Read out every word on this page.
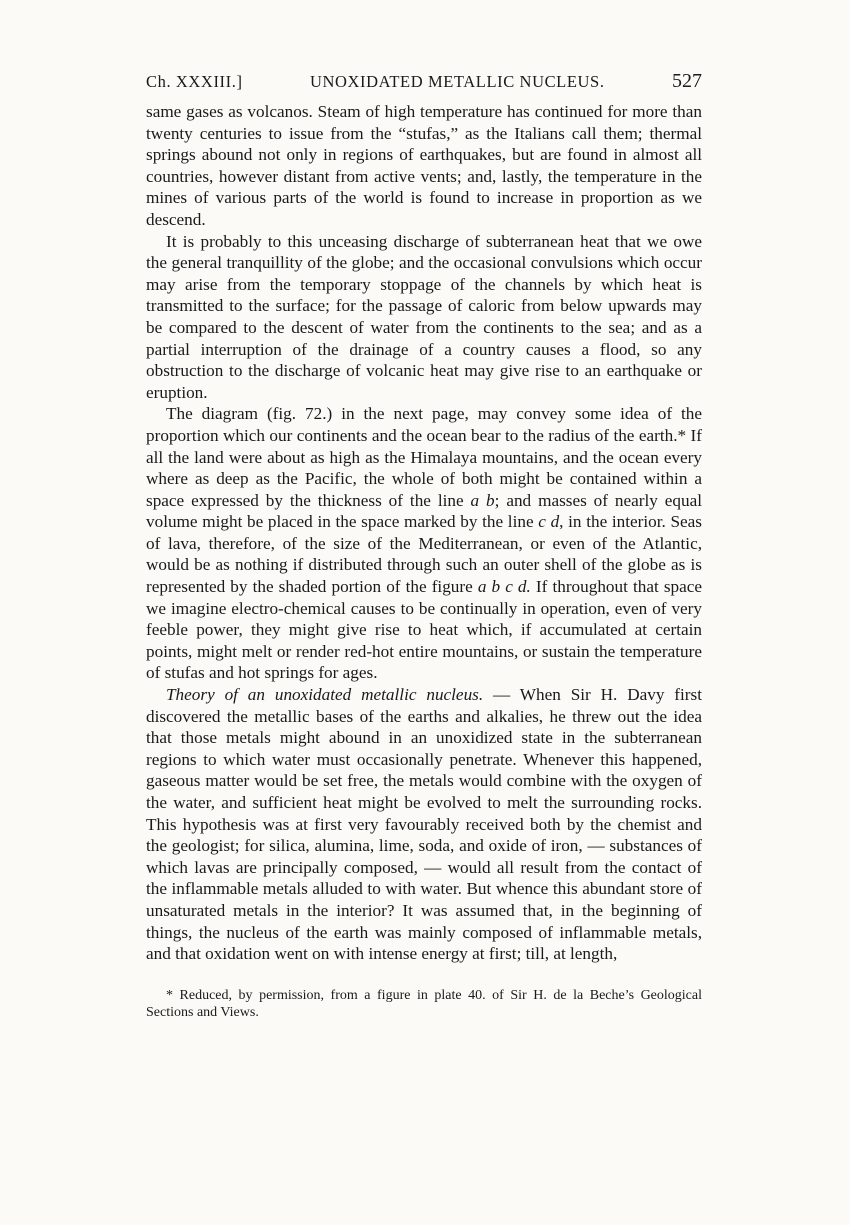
Ch. XXXIII.]	UNOXIDATED METALLIC NUCLEUS.	527

same gases as volcanos. Steam of high temperature has continued for more than twenty centuries to issue from the “stufas,” as the Italians call them; thermal springs abound not only in regions of earthquakes, but are found in almost all countries, however distant from active vents; and, lastly, the temperature in the mines of various parts of the world is found to increase in proportion as we descend.

It is probably to this unceasing discharge of subterranean heat that we owe the general tranquillity of the globe; and the occasional convulsions which occur may arise from the temporary stoppage of the channels by which heat is transmitted to the surface; for the passage of caloric from below upwards may be compared to the descent of water from the continents to the sea; and as a partial interruption of the drainage of a country causes a flood, so any obstruction to the discharge of volcanic heat may give rise to an earthquake or eruption.

The diagram (fig. 72.) in the next page, may convey some idea of the proportion which our continents and the ocean bear to the radius of the earth.* If all the land were about as high as the Himalaya mountains, and the ocean every where as deep as the Pacific, the whole of both might be contained within a space expressed by the thickness of the line a b; and masses of nearly equal volume might be placed in the space marked by the line c d, in the interior. Seas of lava, therefore, of the size of the Mediterranean, or even of the Atlantic, would be as nothing if distributed through such an outer shell of the globe as is represented by the shaded portion of the figure a b c d. If throughout that space we imagine electro-chemical causes to be continually in operation, even of very feeble power, they might give rise to heat which, if accumulated at certain points, might melt or render red-hot entire mountains, or sustain the temperature of stufas and hot springs for ages.

Theory of an unoxidated metallic nucleus. — When Sir H. Davy first discovered the metallic bases of the earths and alkalies, he threw out the idea that those metals might abound in an unoxidized state in the subterranean regions to which water must occasionally penetrate. Whenever this happened, gaseous matter would be set free, the metals would combine with the oxygen of the water, and sufficient heat might be evolved to melt the surrounding rocks. This hypothesis was at first very favourably received both by the chemist and the geologist; for silica, alumina, lime, soda, and oxide of iron, — substances of which lavas are principally composed, — would all result from the contact of the inflammable metals alluded to with water. But whence this abundant store of unsaturated metals in the interior? It was assumed that, in the beginning of things, the nucleus of the earth was mainly composed of inflammable metals, and that oxidation went on with intense energy at first; till, at length,

* Reduced, by permission, from a figure in plate 40. of Sir H. de la Beche’s Geological Sections and Views.
